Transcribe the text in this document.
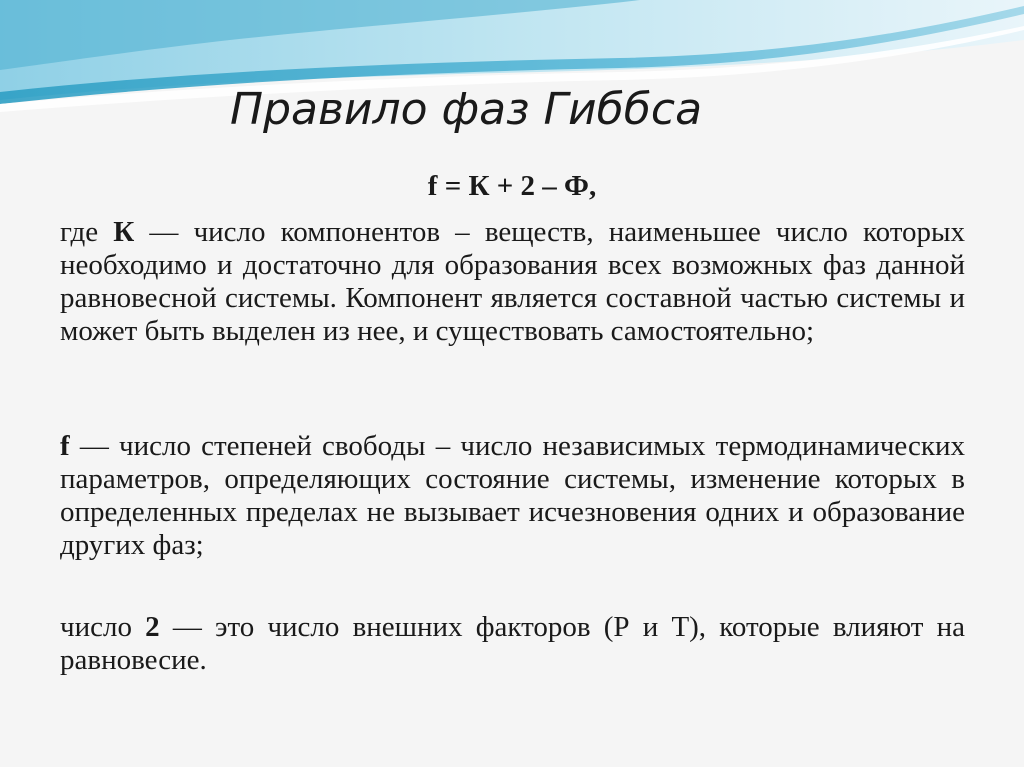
Правило фаз Гиббса
f = К + 2 – Ф,

где К — число компонентов – веществ, наименьшее число которых необходимо и достаточно для образования всех возможных фаз данной равновесной системы. Компонент является составной частью системы и может быть выделен из нее, и существовать самостоятельно;

f — число степеней свободы – число независимых термодинамических параметров, определяющих состояние системы, изменение которых в определенных пределах не вызывает исчезновения одних и образование других фаз;

число 2 — это число внешних факторов (Р и Т), которые влияют на равновесие.
